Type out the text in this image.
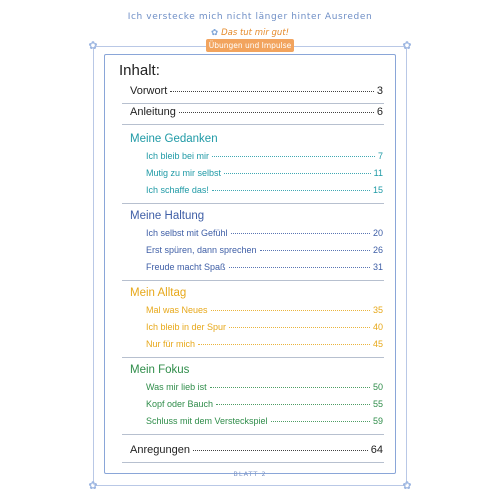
Ich verstecke mich nicht länger hinter Ausreden
✿ Das tut mir gut!
Übungen und Impulse
✿	✿
✿	✿
Inhalt:
Vorwort	3
Anleitung	6
Meine Gedanken
Ich bleib bei mir	7
Mutig zu mir selbst	11
Ich schaffe das!	15
Meine Haltung
Ich selbst mit Gefühl	20
Erst spüren, dann sprechen	26
Freude macht Spaß	31
Mein Alltag
Mal was Neues	35
Ich bleib in der Spur	40
Nur für mich	45
Mein Fokus
Was mir lieb ist	50
Kopf oder Bauch	55
Schluss mit dem Versteckspiel	59
Anregungen	64
BLATT 2
